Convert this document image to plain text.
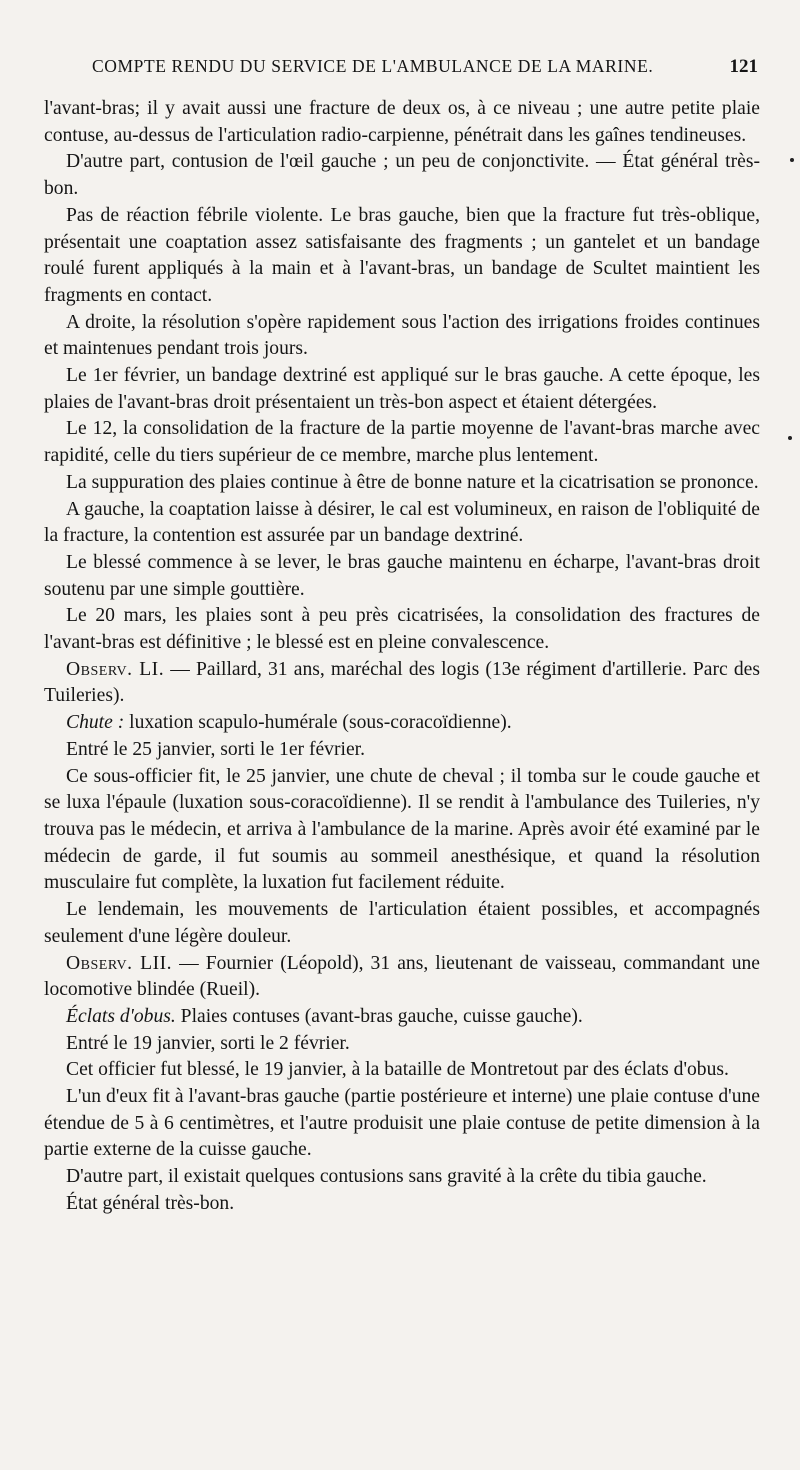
COMPTE RENDU DU SERVICE DE L'AMBULANCE DE LA MARINE.	121

l'avant-bras; il y avait aussi une fracture de deux os, à ce niveau ; une autre petite plaie contuse, au-dessus de l'articulation radio-carpienne, pénétrait dans les gaînes tendineuses.

D'autre part, contusion de l'œil gauche ; un peu de conjonctivite. — État général très-bon.

Pas de réaction fébrile violente. Le bras gauche, bien que la fracture fut très-oblique, présentait une coaptation assez satisfaisante des fragments ; un gantelet et un bandage roulé furent appliqués à la main et à l'avant-bras, un bandage de Scultet maintient les fragments en contact.

A droite, la résolution s'opère rapidement sous l'action des irrigations froides continues et maintenues pendant trois jours.

Le 1er février, un bandage dextriné est appliqué sur le bras gauche. A cette époque, les plaies de l'avant-bras droit présentaient un très-bon aspect et étaient détergées.

Le 12, la consolidation de la fracture de la partie moyenne de l'avant-bras marche avec rapidité, celle du tiers supérieur de ce membre, marche plus lentement.

La suppuration des plaies continue à être de bonne nature et la cicatrisation se prononce.

A gauche, la coaptation laisse à désirer, le cal est volumineux, en raison de l'obliquité de la fracture, la contention est assurée par un bandage dextriné.

Le blessé commence à se lever, le bras gauche maintenu en écharpe, l'avant-bras droit soutenu par une simple gouttière.

Le 20 mars, les plaies sont à peu près cicatrisées, la consolidation des fractures de l'avant-bras est définitive ; le blessé est en pleine convalescence.

Observ. LI. — Paillard, 31 ans, maréchal des logis (13e régiment d'artillerie. Parc des Tuileries).

Chute : luxation scapulo-humérale (sous-coracoïdienne).

Entré le 25 janvier, sorti le 1er février.

Ce sous-officier fit, le 25 janvier, une chute de cheval ; il tomba sur le coude gauche et se luxa l'épaule (luxation sous-coracoïdienne). Il se rendit à l'ambulance des Tuileries, n'y trouva pas le médecin, et arriva à l'ambulance de la marine. Après avoir été examiné par le médecin de garde, il fut soumis au sommeil anesthésique, et quand la résolution musculaire fut complète, la luxation fut facilement réduite.

Le lendemain, les mouvements de l'articulation étaient possibles, et accompagnés seulement d'une légère douleur.

Observ. LII. — Fournier (Léopold), 31 ans, lieutenant de vaisseau, commandant une locomotive blindée (Rueil).

Éclats d'obus. Plaies contuses (avant-bras gauche, cuisse gauche).

Entré le 19 janvier, sorti le 2 février.

Cet officier fut blessé, le 19 janvier, à la bataille de Montretout par des éclats d'obus.

L'un d'eux fit à l'avant-bras gauche (partie postérieure et interne) une plaie contuse d'une étendue de 5 à 6 centimètres, et l'autre produisit une plaie contuse de petite dimension à la partie externe de la cuisse gauche.

D'autre part, il existait quelques contusions sans gravité à la crête du tibia gauche.

État général très-bon.
